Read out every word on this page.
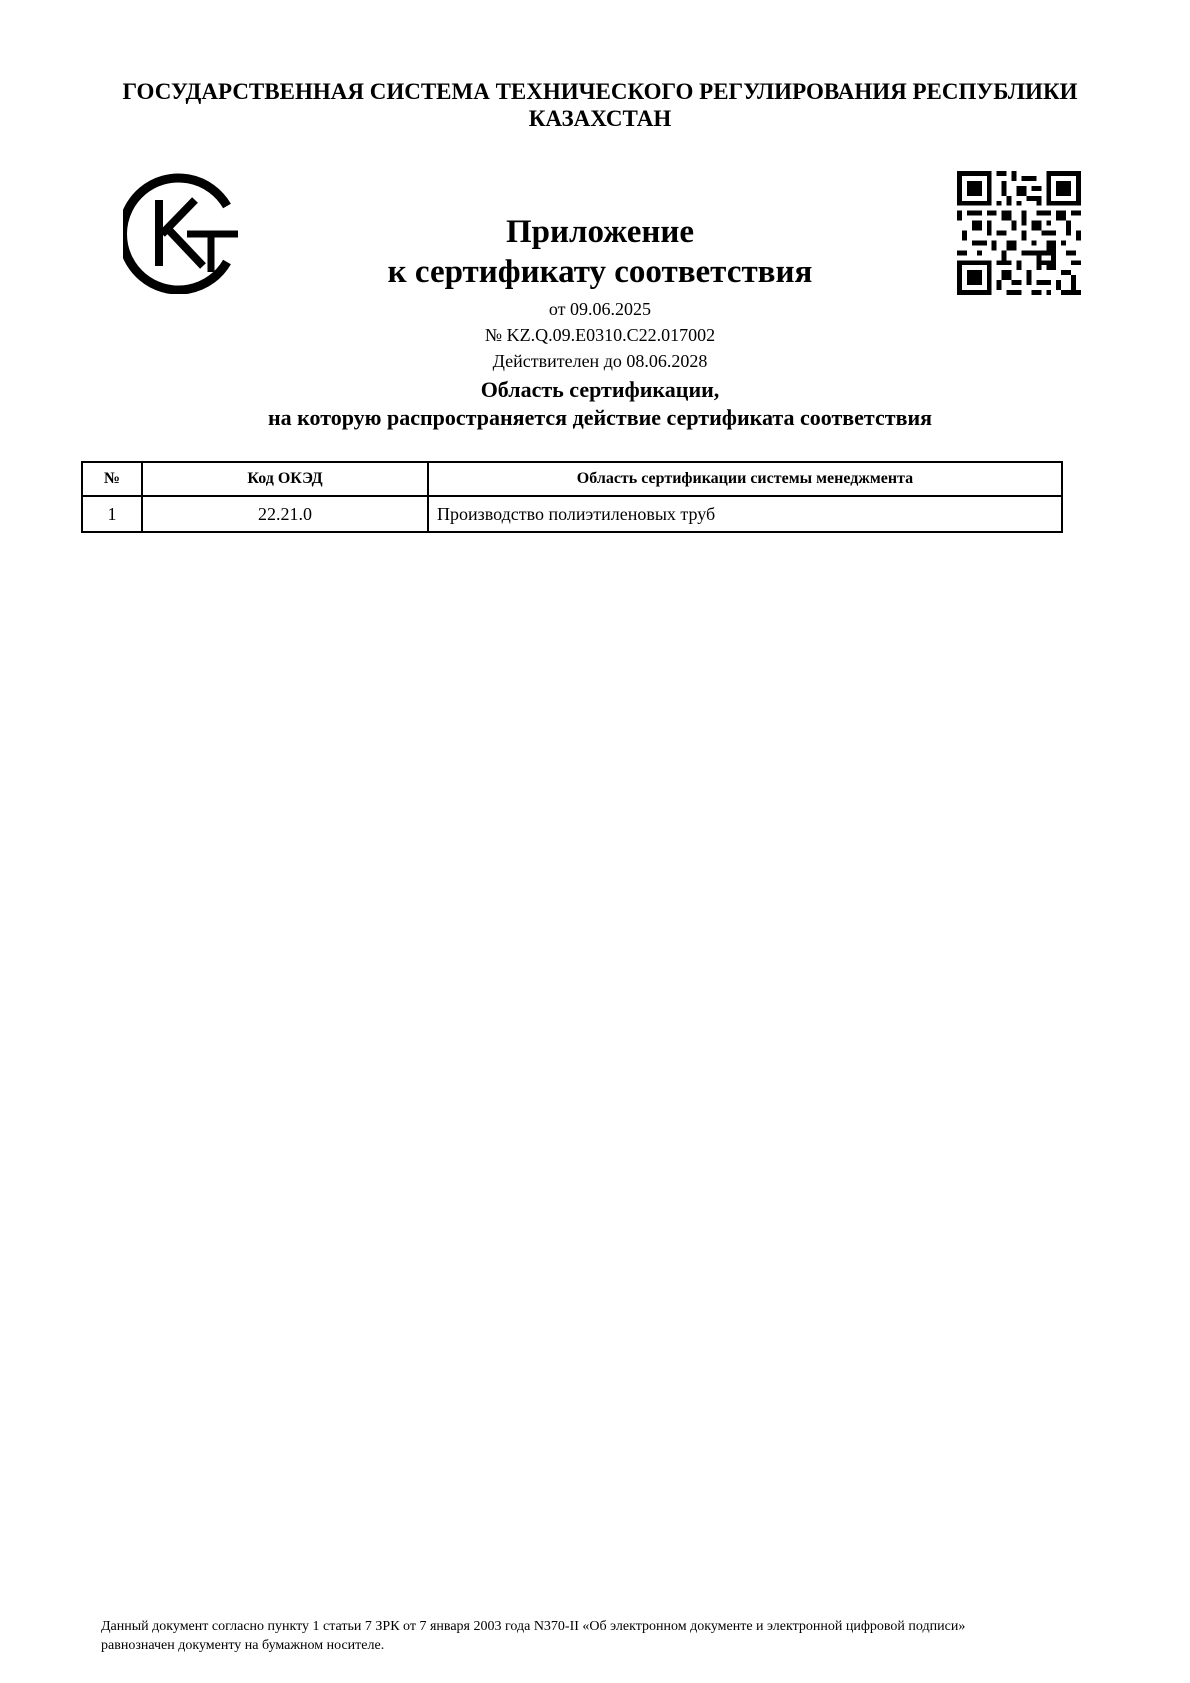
ГОСУДАРСТВЕННАЯ СИСТЕМА ТЕХНИЧЕСКОГО РЕГУЛИРОВАНИЯ РЕСПУБЛИКИ
КАЗАХСТАН
Приложение
к сертификату соответствия
от 09.06.2025
№ KZ.Q.09.E0310.C22.017002
Действителен до 08.06.2028
Область сертификации,
на которую распространяется действие сертификата соответствия
№	Код ОКЭД	Область сертификации системы менеджмента
1	22.21.0	Производство полиэтиленовых труб
Данный документ согласно пункту 1 статьи 7 ЗРК от 7 января 2003 года N370-II «Об электронном документе и электронной цифровой подписи»
равнозначен документу на бумажном носителе.
